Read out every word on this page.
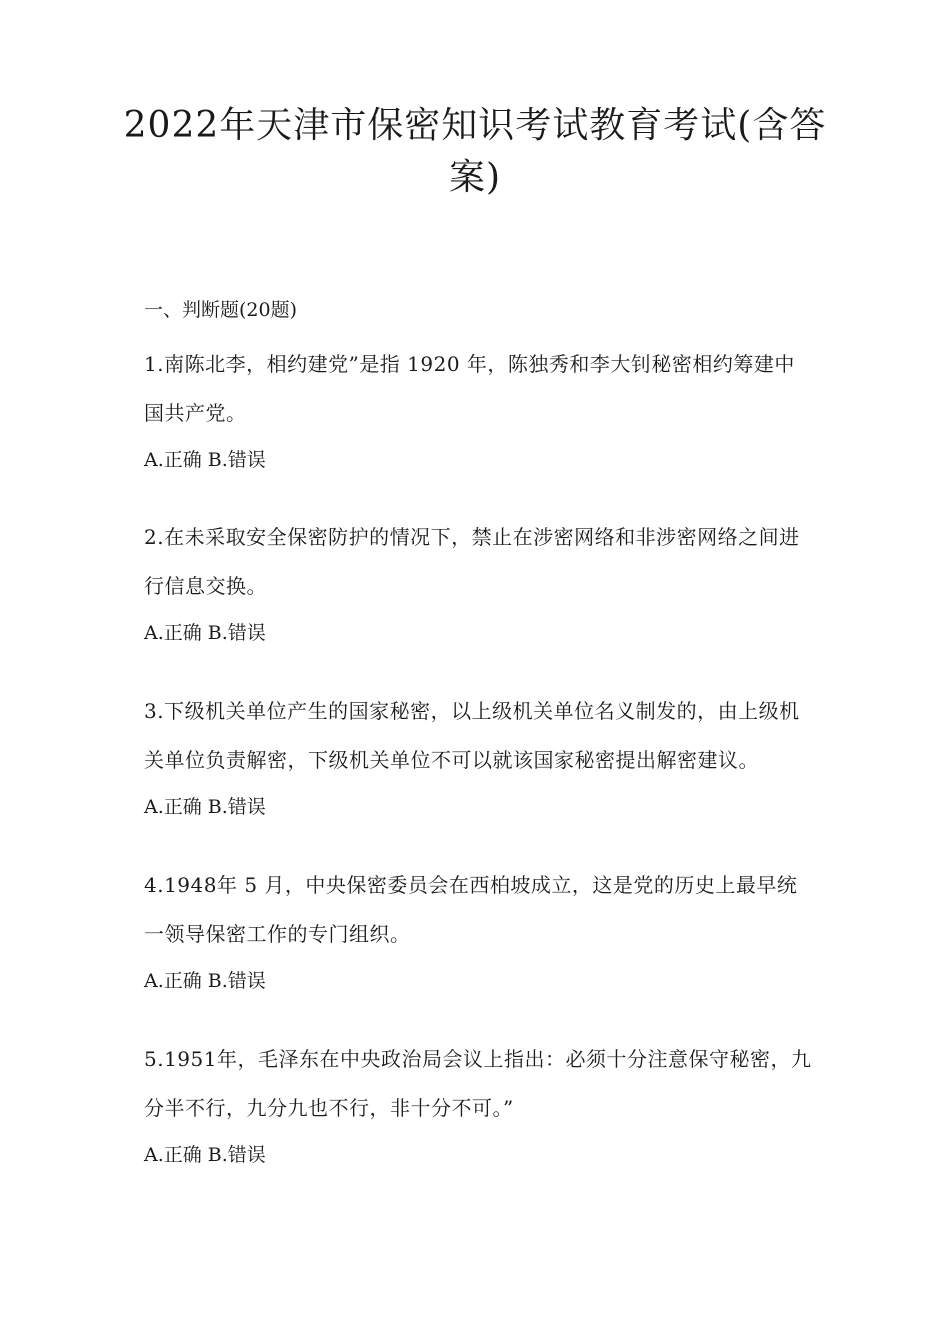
2022年天津市保密知识考试教育考试(含答案)

一、判断题(20题)

1.南陈北李，相约建党”是指 1920 年，陈独秀和李大钊秘密相约筹建中国共产党。

A.正确 B.错误

2.在未采取安全保密防护的情况下，禁止在涉密网络和非涉密网络之间进行信息交换。

A.正确 B.错误

3.下级机关单位产生的国家秘密，以上级机关单位名义制发的，由上级机关单位负责解密，下级机关单位不可以就该国家秘密提出解密建议。

A.正确 B.错误

4.1948年 5 月，中央保密委员会在西柏坡成立，这是党的历史上最早统一领导保密工作的专门组织。

A.正确 B.错误

5.1951年，毛泽东在中央政治局会议上指出：必须十分注意保守秘密，九分半不行，九分九也不行，非十分不可。”

A.正确 B.错误
